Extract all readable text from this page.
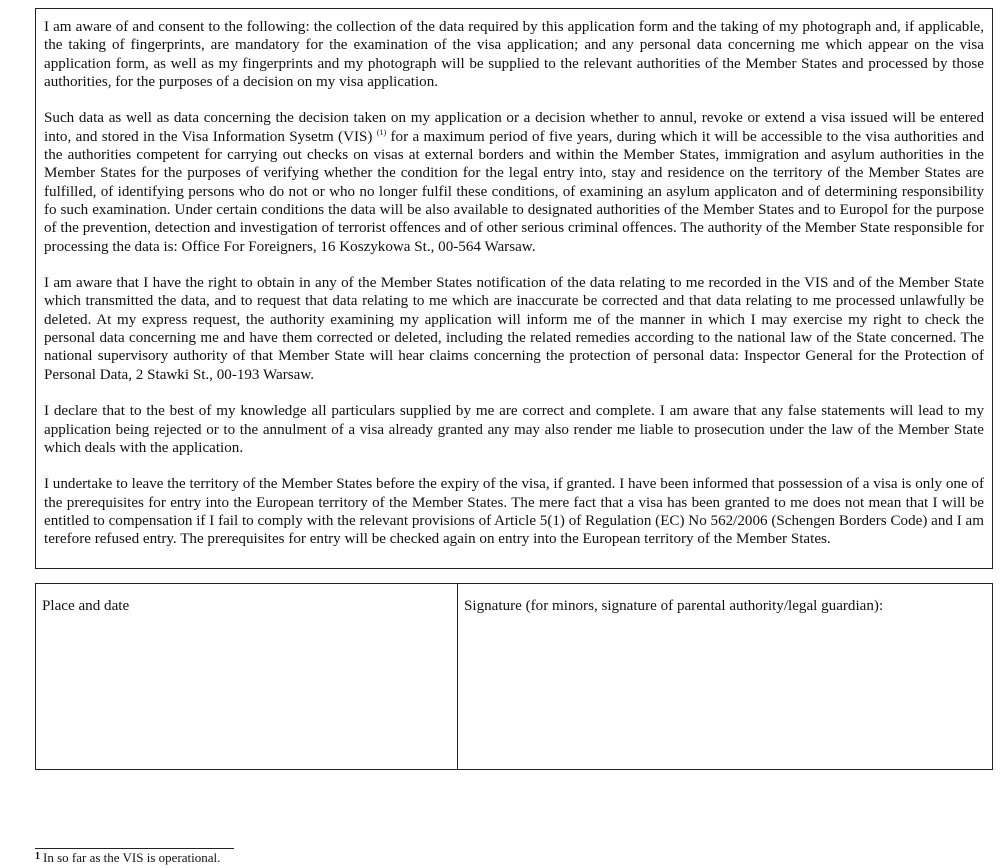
I am aware of and consent to the following: the collection of the data required by this application form and the taking of my photograph and, if applicable, the taking of fingerprints, are mandatory for the examination of the visa application; and any personal data concerning me which appear on the visa application form, as well as my fingerprints and my photograph will be supplied to the relevant authorities of the Member States and processed by those authorities, for the purposes of a decision on my visa application.

Such data as well as data concerning the decision taken on my application or a decision whether to annul, revoke or extend a visa issued will be entered into, and stored in the Visa Information Sysetm (VIS) $^{(1)}$ for a maximum period of five years, during which it will be accessible to the visa authorities and the authorities competent for carrying out checks on visas at external borders and within the Member States, immigration and asylum authorities in the Member States for the purposes of verifying whether the condition for the legal entry into, stay and residence on the territory of the Member States are fulfilled, of identifying persons who do not or who no longer fulfil these conditions, of examining an asylum applicaton and of determining responsibility fo such examination. Under certain conditions the data will be also available to designated authorities of the Member States and to Europol for the purpose of the prevention, detection and investigation of terrorist offences and of other serious criminal offences. The authority of the Member State responsible for processing the data is: Office For Foreigners, 16 Koszykowa St., 00-564 Warsaw.

I am aware that I have the right to obtain in any of the Member States notification of the data relating to me recorded in the VIS and of the Member State which transmitted the data, and to request that data relating to me which are inaccurate be corrected and that data relating to me processed unlawfully be deleted. At my express request, the authority examining my application will inform me of the manner in which I may exercise my right to check the personal data concerning me and have them corrected or deleted, including the related remedies according to the national law of the State concerned. The national supervisory authority of that Member State will hear claims concerning the protection of personal data: Inspector General for the Protection of Personal Data, 2 Stawki St., 00-193 Warsaw.

I declare that to the best of my knowledge all particulars supplied by me are correct and complete. I am aware that any false statements will lead to my application being rejected or to the annulment of a visa already granted any may also render me liable to prosecution under the law of the Member State which deals with the application.

I undertake to leave the territory of the Member States before the expiry of the visa, if granted. I have been informed that possession of a visa is only one of the prerequisites for entry into the European territory of the Member States. The mere fact that a visa has been granted to me does not mean that I will be entitled to compensation if I fail to comply with the relevant provisions of Article 5(1) of Regulation (EC) No 562/2006 (Schengen Borders Code) and I am terefore refused entry. The prerequisites for entry will be checked again on entry into the European territory of the Member States.

Place and date	Signature (for minors, signature of parental authority/legal guardian):
$^1$ In so far as the VIS is operational.
